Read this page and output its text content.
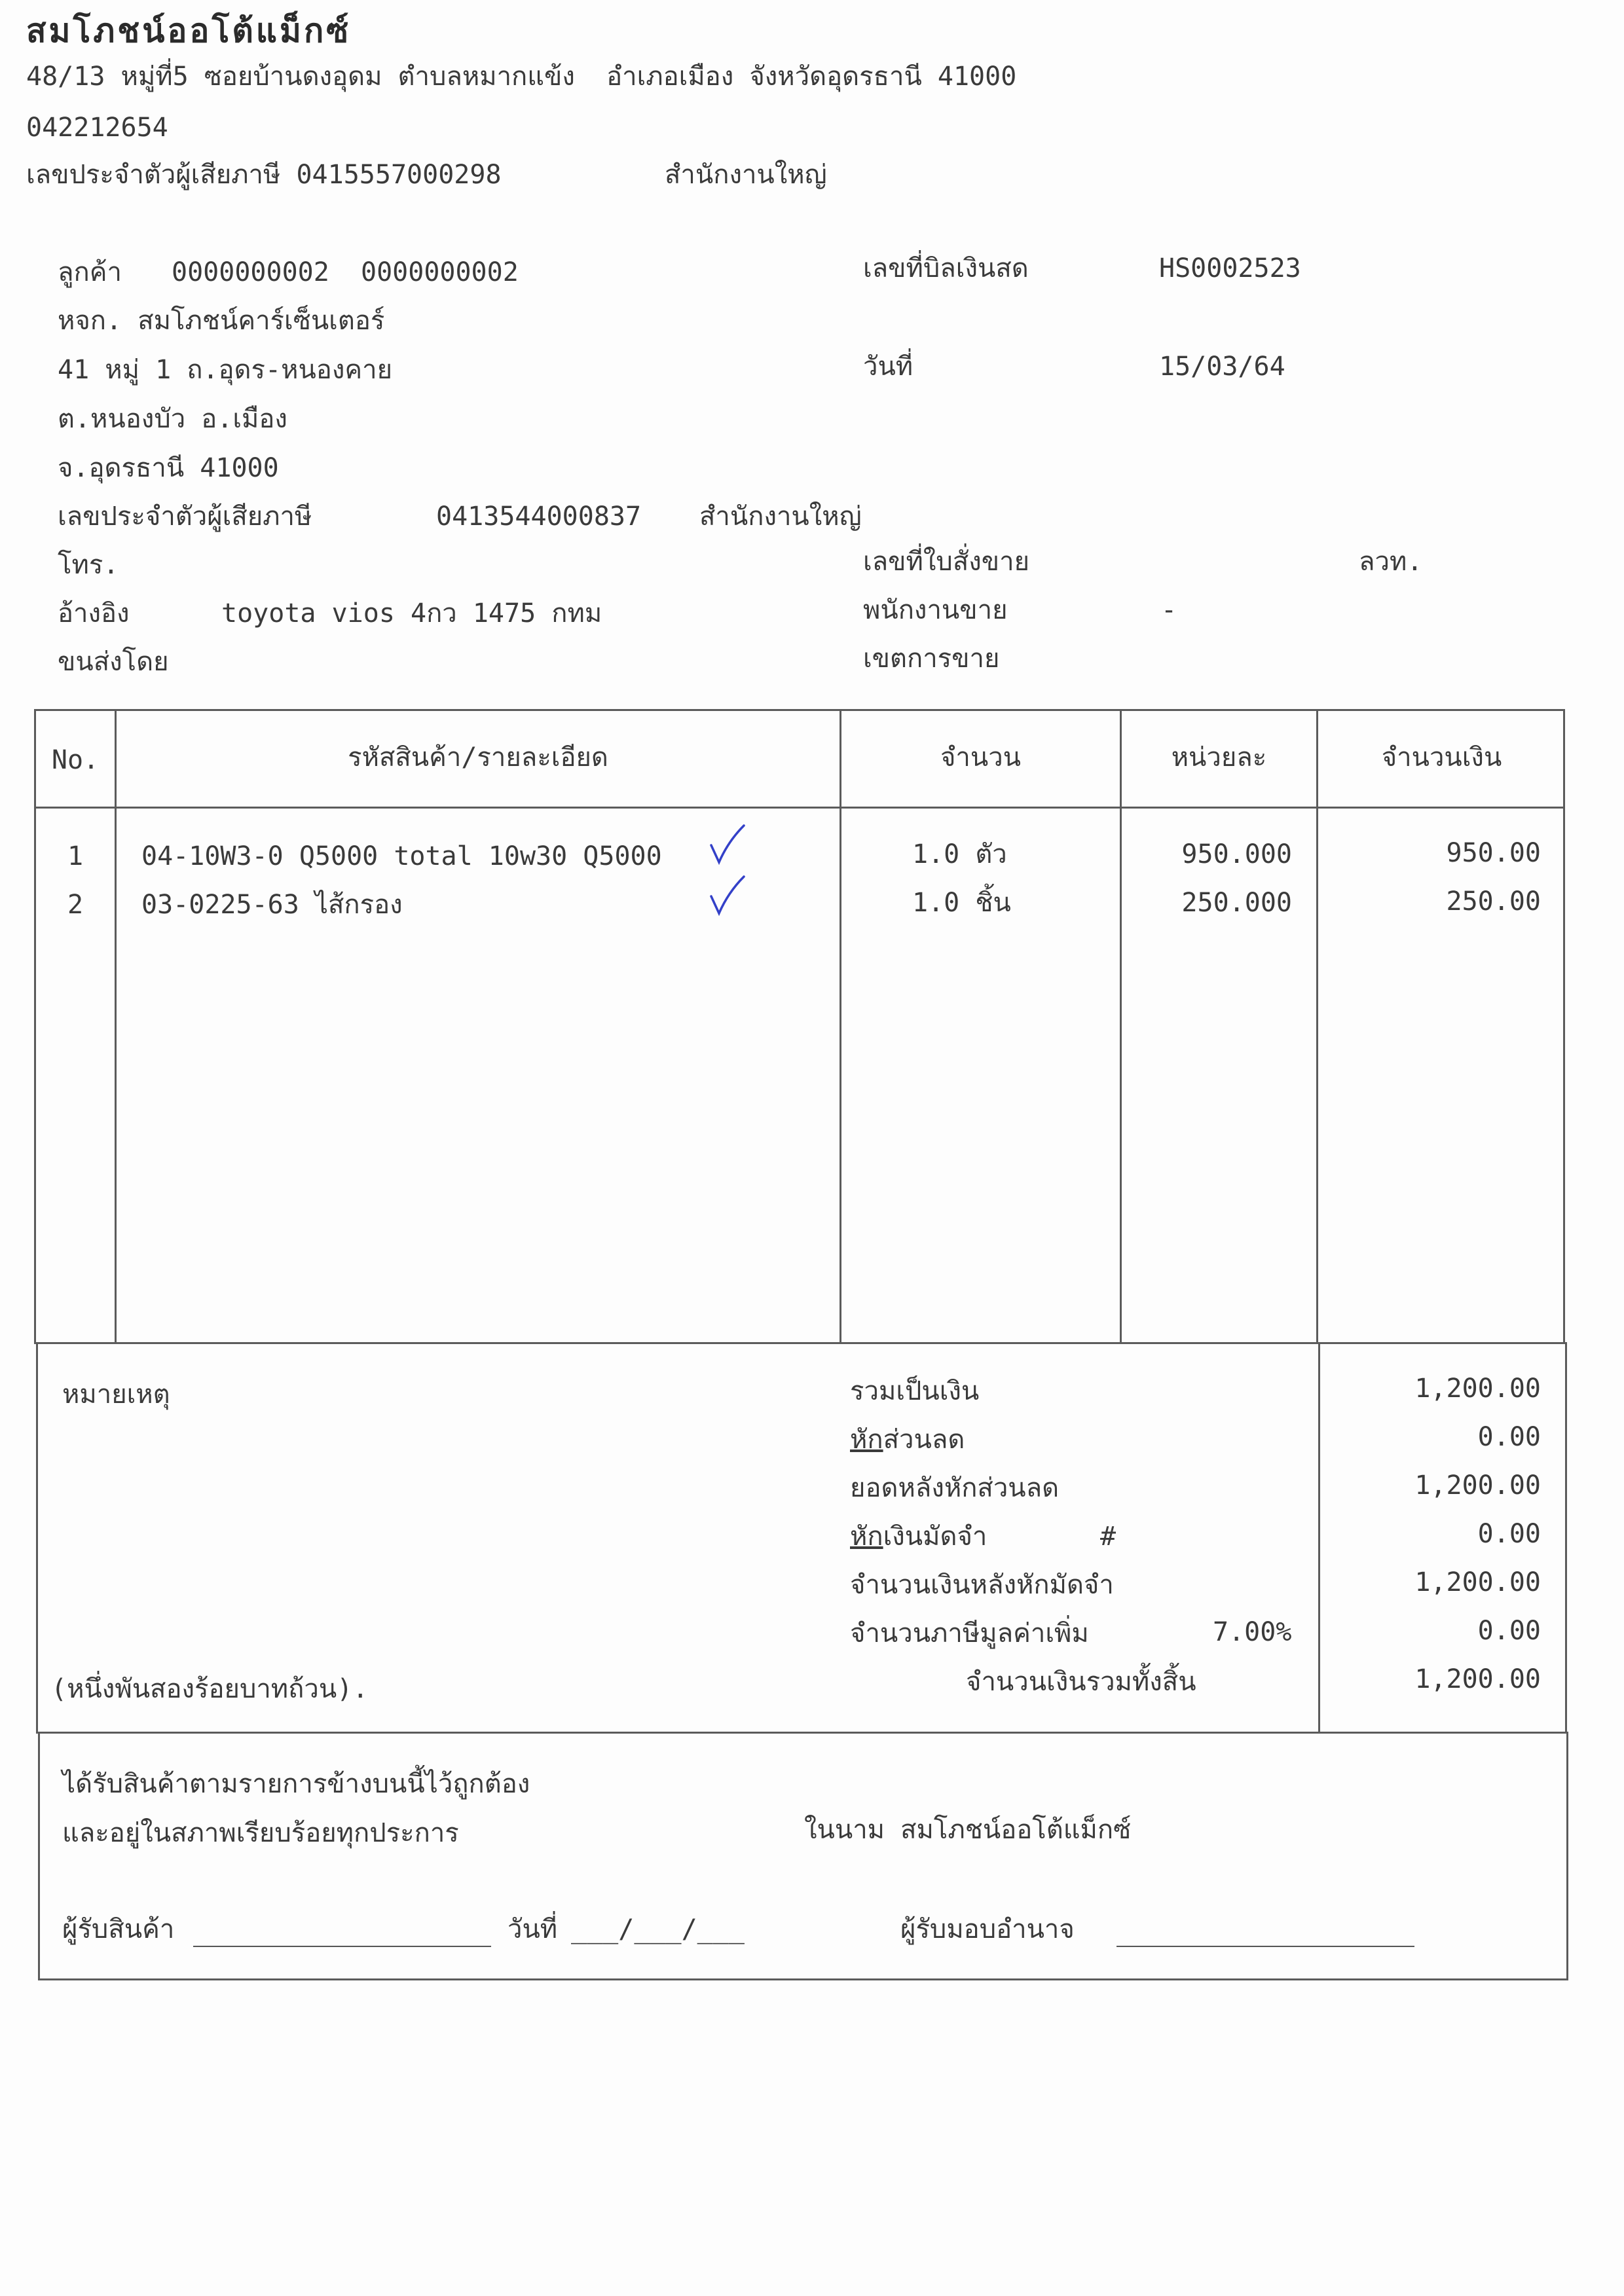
สมโภชน์ออโต้แม็กซ์
48/13 หมู่ที่5 ซอยบ้านดงอุดม ตำบลหมากแข้ง  อำเภอเมือง จังหวัดอุดรธานี 41000
042212654
เลขประจำตัวผู้เสียภาษี 0415557000298	สำนักงานใหญ่
ลูกค้า 0000000002  0000000002
หจก. สมโภชน์คาร์เซ็นเตอร์
41 หมู่ 1 ถ.อุดร-หนองคาย
ต.หนองบัว อ.เมือง
จ.อุดรธานี 41000
เลขประจำตัวผู้เสียภาษี	0413544000837 สำนักงานใหญ่
โทร.
อ้างอิง	toyota vios 4กว 1475 กทม
ขนส่งโดย
เลขที่บิลเงินสด	HS0002523
วันที่	15/03/64
เลขที่ใบสั่งขาย	ลวท.
พนักงานขาย	-
เขตการขาย
No.	รหัสสินค้า/รายละเอียด	จำนวน	หน่วยละ	จำนวนเงิน
1	04-10W3-0 Q5000 total 10w30 Q5000	1.0 ตัว	950.000	950.00
2	03-0225-63 ไส้กรอง	1.0 ชิ้น	250.000	250.00
หมายเหตุ
(หนึ่งพันสองร้อยบาทถ้วน).
รวมเป็นเงิน	1,200.00
หักส่วนลด	0.00
ยอดหลังหักส่วนลด	1,200.00
หักเงินมัดจำ	#	0.00
จำนวนเงินหลังหักมัดจำ	1,200.00
จำนวนภาษีมูลค่าเพิ่ม	7.00%	0.00
จำนวนเงินรวมทั้งสิ้น	1,200.00
ได้รับสินค้าตามรายการข้างบนนี้ไว้ถูกต้อง
และอยู่ในสภาพเรียบร้อยทุกประการ	ในนาม สมโภชน์ออโต้แม็กซ์
ผู้รับสินค้า	วันที่ ___/___/___	ผู้รับมอบอำนาจ
